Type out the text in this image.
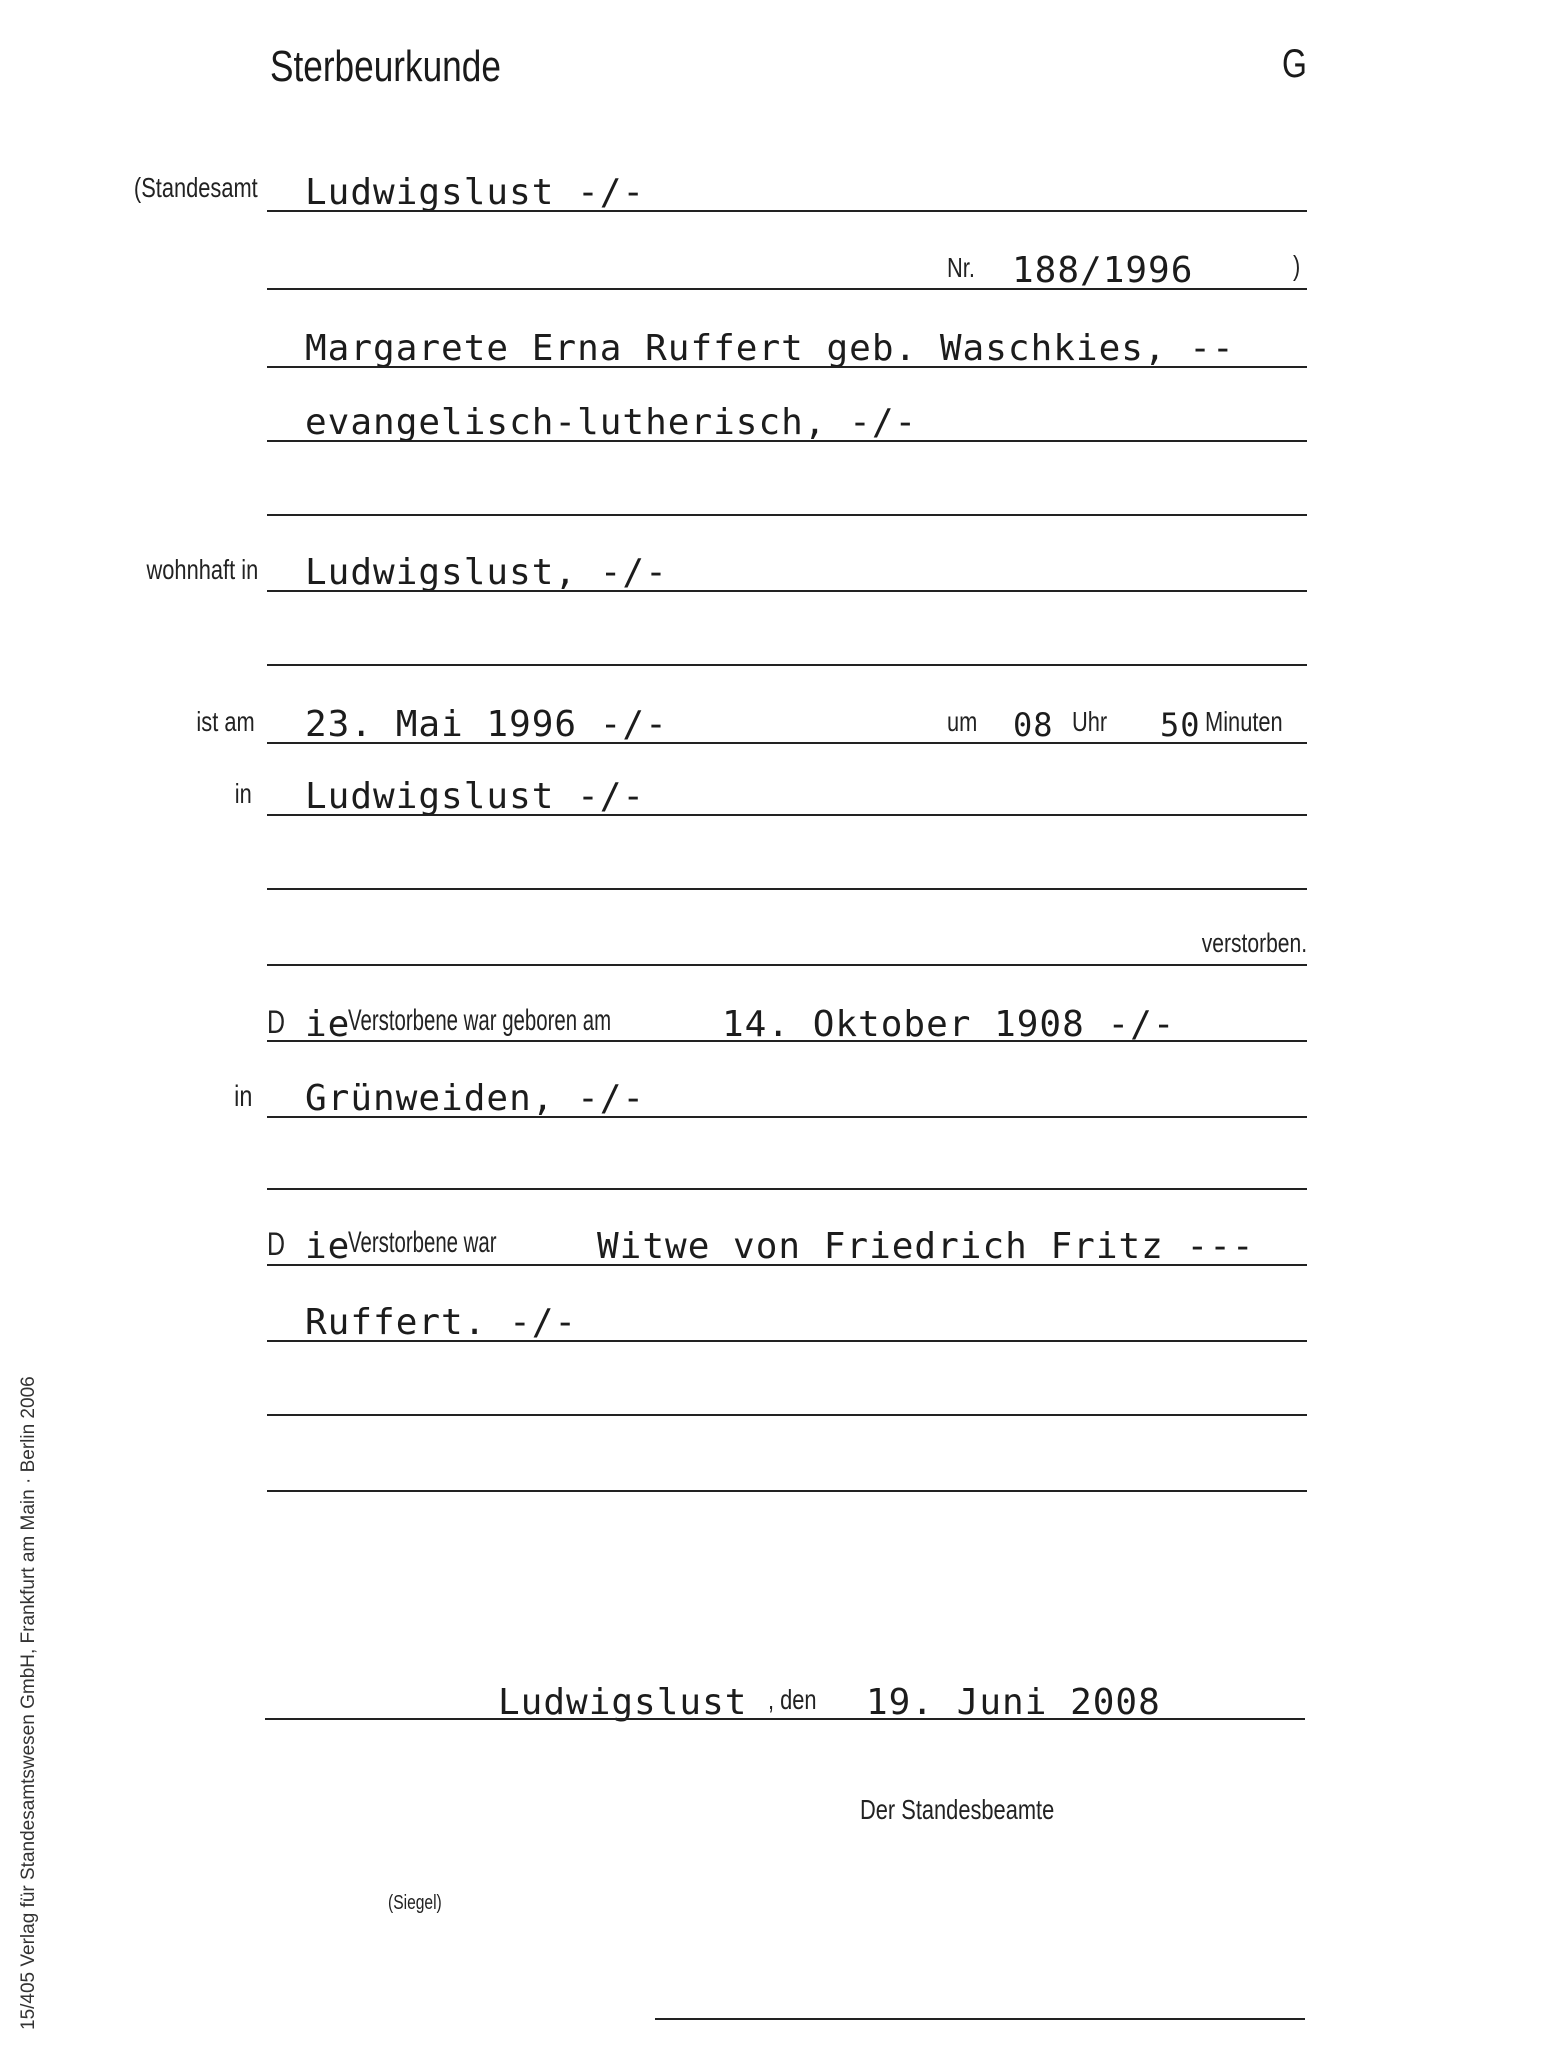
Sterbeurkunde	G
(Standesamt Ludwigslust -/-
Nr. 188/1996	)
Margarete Erna Ruffert geb. Waschkies, --
evangelisch-lutherisch, -/-
wohnhaft in Ludwigslust, -/-
ist am 23. Mai 1996 -/-	um 08 Uhr 50 Minuten
in Ludwigslust -/-
verstorben.
D ie
Verstorbene war geboren am	14. Oktober 1908 -/-
in Grünweiden, -/-
D ie
Verstorbene war	Witwe von Friedrich Fritz ---
Ruffert. -/-
Ludwigslust , den 19. Juni 2008
Der Standesbeamte
(Siegel)
15/405 Verlag für Standesamtswesen GmbH, Frankfurt am Main · Berlin 2006
